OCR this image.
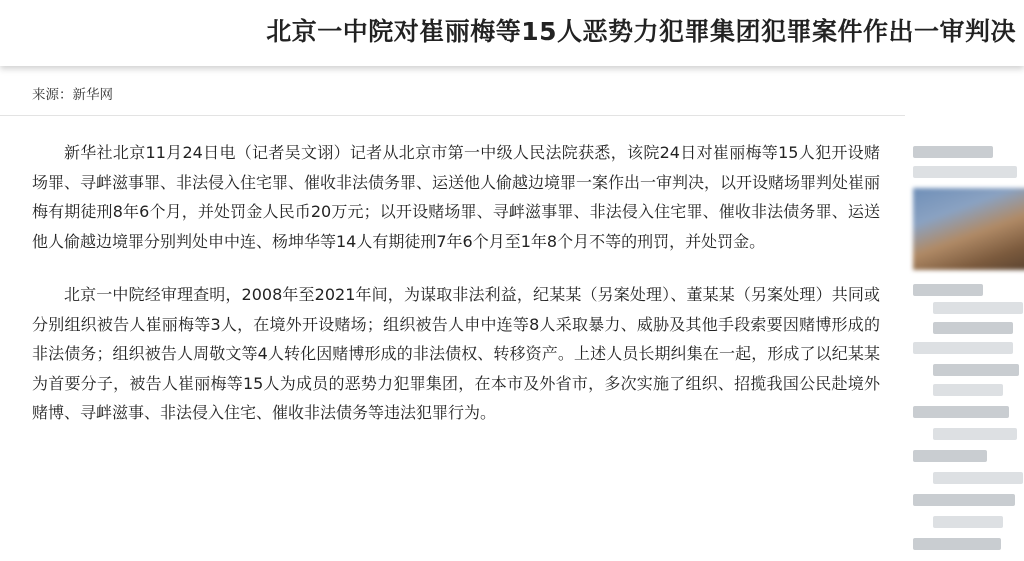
北京一中院对崔丽梅等15人恶势力犯罪集团犯罪案件作出一审判决
来源：新华网

新华社北京11月24日电（记者吴文诩）记者从北京市第一中级人民法院获悉，该院24日对崔丽梅等15人犯开设赌场罪、寻衅滋事罪、非法侵入住宅罪、催收非法债务罪、运送他人偷越边境罪一案作出一审判决，以开设赌场罪判处崔丽梅有期徒刑8年6个月，并处罚金人民币20万元；以开设赌场罪、寻衅滋事罪、非法侵入住宅罪、催收非法债务罪、运送他人偷越边境罪分别判处申中连、杨坤华等14人有期徒刑7年6个月至1年8个月不等的刑罚，并处罚金。

北京一中院经审理查明，2008年至2021年间，为谋取非法利益，纪某某（另案处理）、董某某（另案处理）共同或分别组织被告人崔丽梅等3人，在境外开设赌场；组织被告人申中连等8人采取暴力、威胁及其他手段索要因赌博形成的非法债务；组织被告人周敬文等4人转化因赌博形成的非法债权、转移资产。上述人员长期纠集在一起，形成了以纪某某为首要分子，被告人崔丽梅等15人为成员的恶势力犯罪集团，在本市及外省市，多次实施了组织、招揽我国公民赴境外赌博、寻衅滋事、非法侵入住宅、催收非法债务等违法犯罪行为。
